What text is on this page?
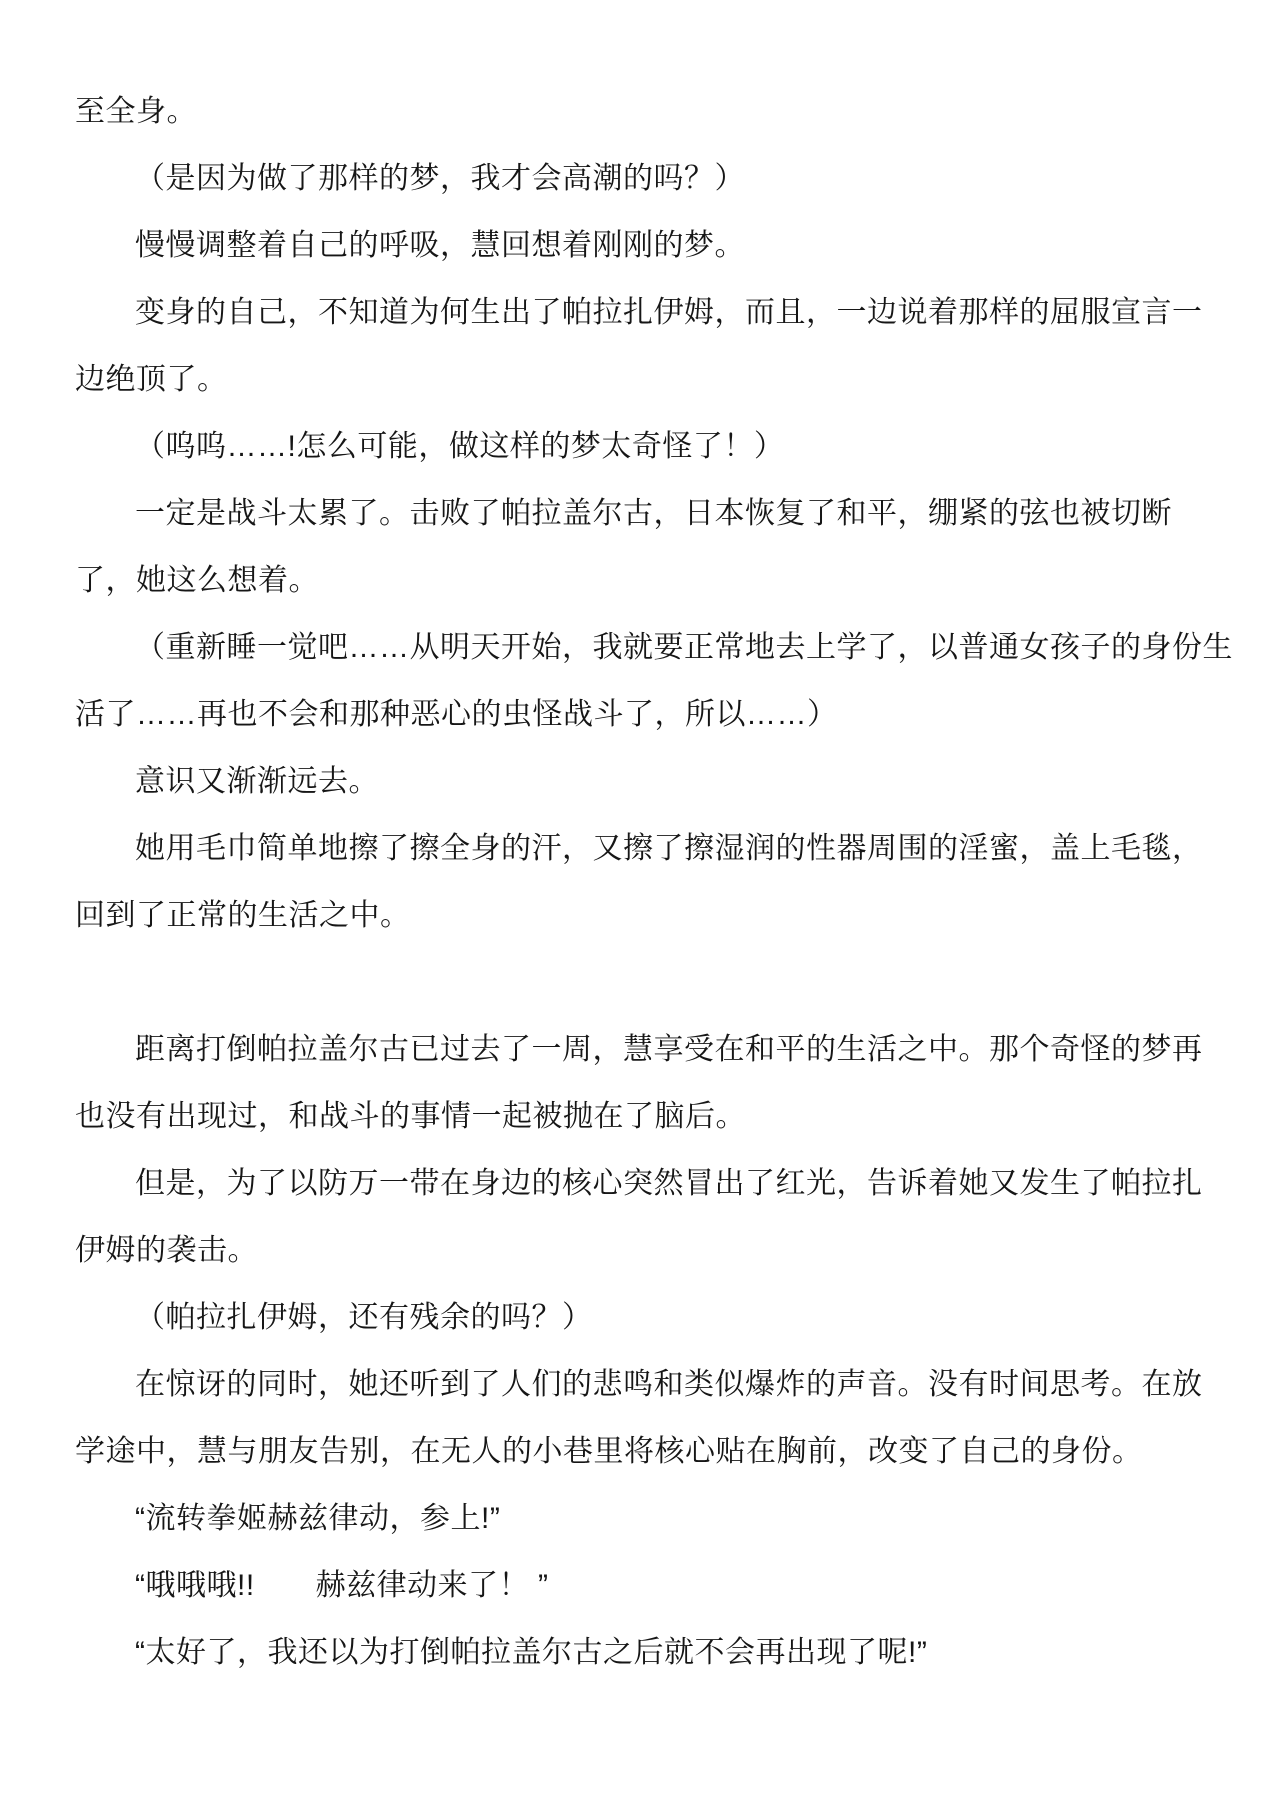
至全身。
（是因为做了那样的梦，我才会高潮的吗？）
慢慢调整着自己的呼吸，慧回想着刚刚的梦。
变身的自己，不知道为何生出了帕拉扎伊姆，而且，一边说着那样的屈服宣言一
边绝顶了。
（呜呜……!怎么可能，做这样的梦太奇怪了！）
一定是战斗太累了。击败了帕拉盖尔古，日本恢复了和平，绷紧的弦也被切断
了，她这么想着。
（重新睡一觉吧……从明天开始，我就要正常地去上学了，以普通女孩子的身份生
活了……再也不会和那种恶心的虫怪战斗了，所以……）
意识又渐渐远去。
她用毛巾简单地擦了擦全身的汗，又擦了擦湿润的性器周围的淫蜜，盖上毛毯，
回到了正常的生活之中。
距离打倒帕拉盖尔古已过去了一周，慧享受在和平的生活之中。那个奇怪的梦再
也没有出现过，和战斗的事情一起被抛在了脑后。
但是，为了以防万一带在身边的核心突然冒出了红光，告诉着她又发生了帕拉扎
伊姆的袭击。
（帕拉扎伊姆，还有残余的吗？）
在惊讶的同时，她还听到了人们的悲鸣和类似爆炸的声音。没有时间思考。在放
学途中，慧与朋友告别，在无人的小巷里将核心贴在胸前，改变了自己的身份。
“流转拳姬赫兹律动，参上!”
“哦哦哦!!　　赫兹律动来了！ ”
“太好了，我还以为打倒帕拉盖尔古之后就不会再出现了呢!”
